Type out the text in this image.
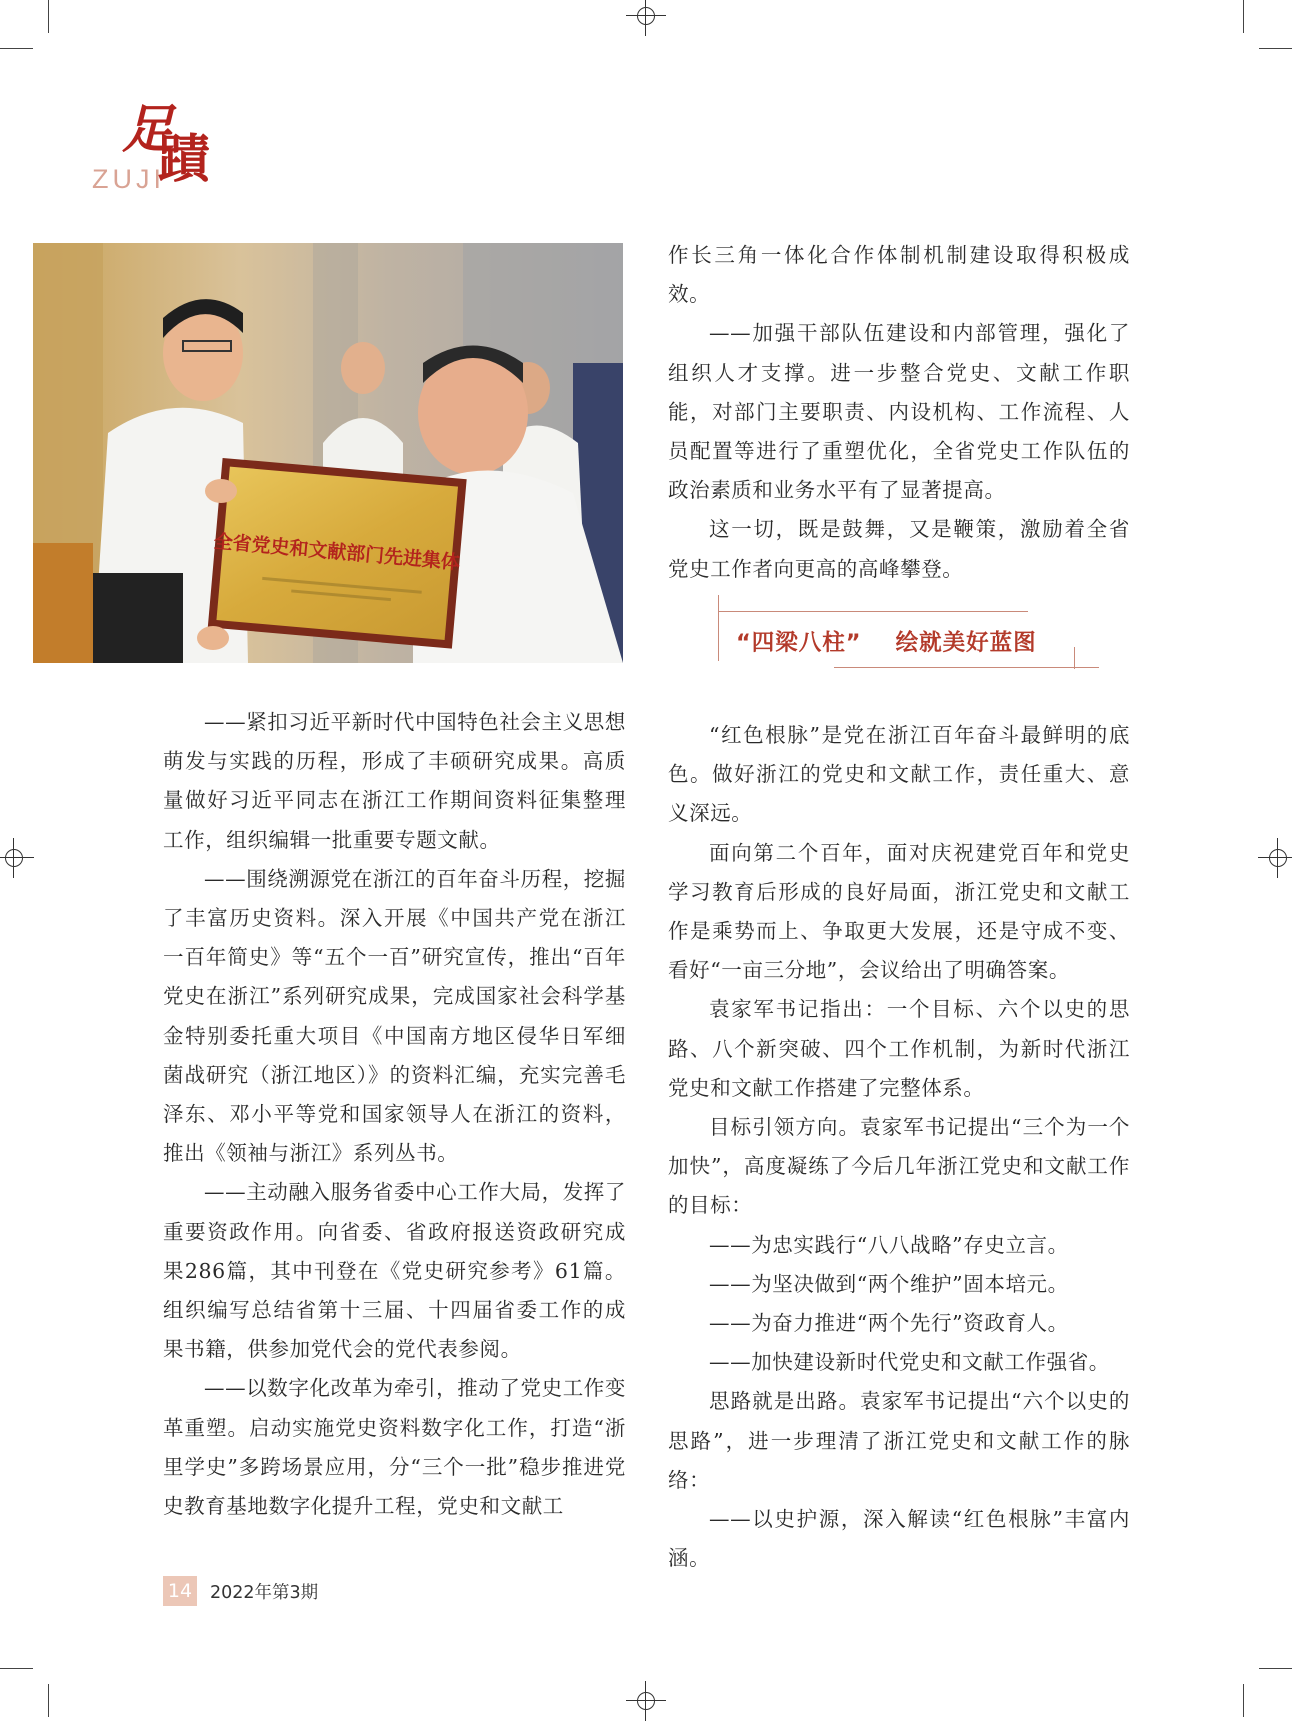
足
蹟
ZUJI
全省党史和文献部门先进集体

作长三角一体化合作体制机制建设取得积极成效。

——加强干部队伍建设和内部管理，强化了组织人才支撑。进一步整合党史、文献工作职能，对部门主要职责、内设机构、工作流程、人员配置等进行了重塑优化，全省党史工作队伍的政治素质和业务水平有了显著提高。

这一切，既是鼓舞，又是鞭策，激励着全省党史工作者向更高的高峰攀登。

“四梁八柱” 绘就美好蓝图

——紧扣习近平新时代中国特色社会主义思想萌发与实践的历程，形成了丰硕研究成果。高质量做好习近平同志在浙江工作期间资料征集整理工作，组织编辑一批重要专题文献。

——围绕溯源党在浙江的百年奋斗历程，挖掘了丰富历史资料。深入开展《中国共产党在浙江一百年简史》等“五个一百”研究宣传，推出“百年党史在浙江”系列研究成果，完成国家社会科学基金特别委托重大项目《中国南方地区侵华日军细菌战研究（浙江地区）》的资料汇编，充实完善毛泽东、邓小平等党和国家领导人在浙江的资料，推出《领袖与浙江》系列丛书。

——主动融入服务省委中心工作大局，发挥了重要资政作用。向省委、省政府报送资政研究成果286篇，其中刊登在《党史研究参考》61篇。组织编写总结省第十三届、十四届省委工作的成果书籍，供参加党代会的党代表参阅。

——以数字化改革为牵引，推动了党史工作变革重塑。启动实施党史资料数字化工作，打造“浙里学史”多跨场景应用，分“三个一批”稳步推进党史教育基地数字化提升工程，党史和文献工

“红色根脉”是党在浙江百年奋斗最鲜明的底色。做好浙江的党史和文献工作，责任重大、意义深远。

面向第二个百年，面对庆祝建党百年和党史学习教育后形成的良好局面，浙江党史和文献工作是乘势而上、争取更大发展，还是守成不变、看好“一亩三分地”，会议给出了明确答案。

袁家军书记指出：一个目标、六个以史的思路、八个新突破、四个工作机制，为新时代浙江党史和文献工作搭建了完整体系。

目标引领方向。袁家军书记提出“三个为一个加快”，高度凝练了今后几年浙江党史和文献工作的目标：

——为忠实践行“八八战略”存史立言。

——为坚决做到“两个维护”固本培元。

——为奋力推进“两个先行”资政育人。

——加快建设新时代党史和文献工作强省。

思路就是出路。袁家军书记提出“六个以史的思路”，进一步理清了浙江党史和文献工作的脉络：

——以史护源，深入解读“红色根脉”丰富内涵。

14 2022年第3期
